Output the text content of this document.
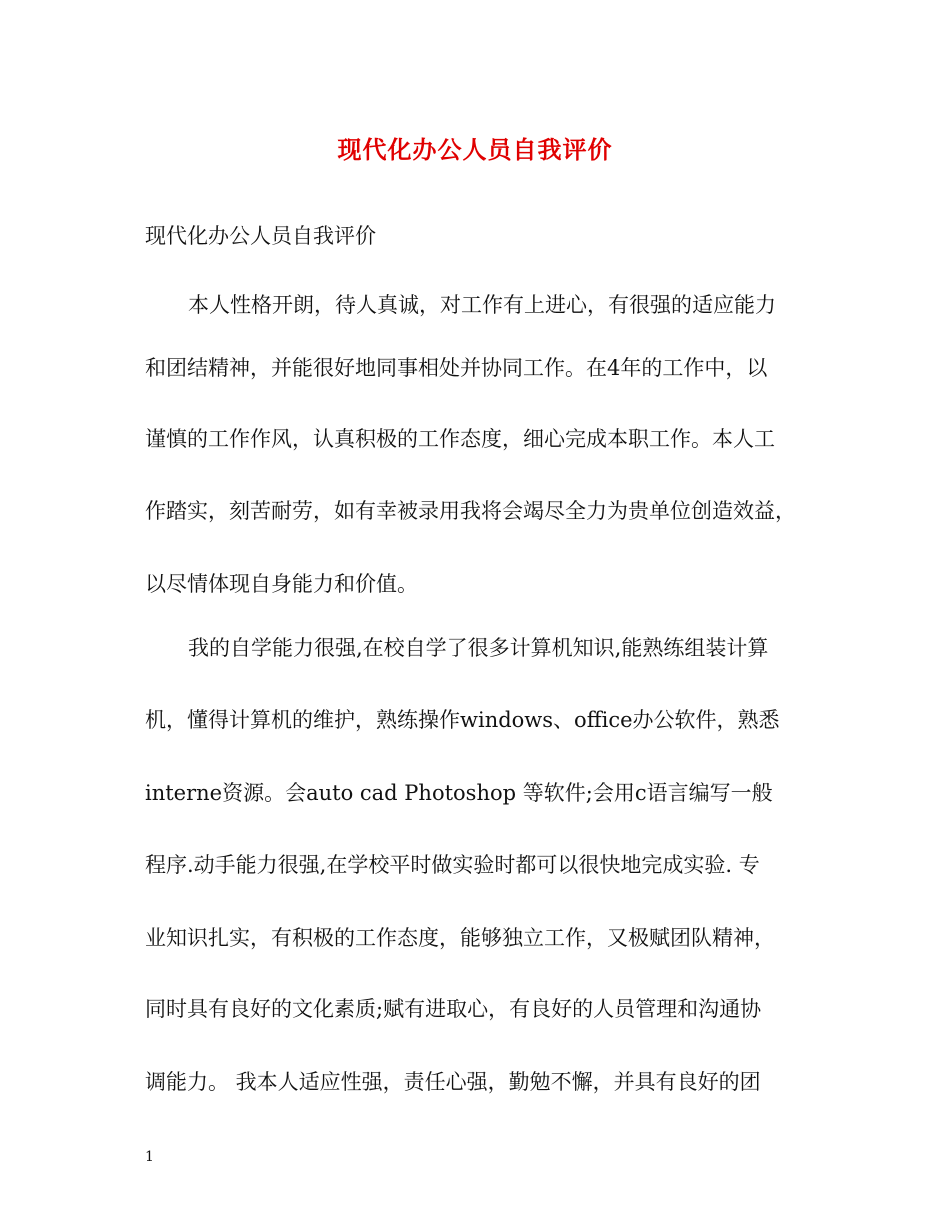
现代化办公人员自我评价
现代化办公人员自我评价
本人性格开朗，待人真诚，对工作有上进心，有很强的适应能力
和团结精神，并能很好地同事相处并协同工作。在4年的工作中，以
谨慎的工作作风，认真积极的工作态度，细心完成本职工作。本人工
作踏实，刻苦耐劳，如有幸被录用我将会竭尽全力为贵单位创造效益，
以尽情体现自身能力和价值。
我的自学能力很强,在校自学了很多计算机知识,能熟练组装计算
机，懂得计算机的维护，熟练操作windows、office办公软件，熟悉
interne资源。会auto cad Photoshop 等软件;会用c语言编写一般
程序.动手能力很强,在学校平时做实验时都可以很快地完成实验. 专
业知识扎实，有积极的工作态度，能够独立工作，又极赋团队精神，
同时具有良好的文化素质;赋有进取心，有良好的人员管理和沟通协
调能力。 我本人适应性强，责任心强，勤勉不懈，并具有良好的团
1
